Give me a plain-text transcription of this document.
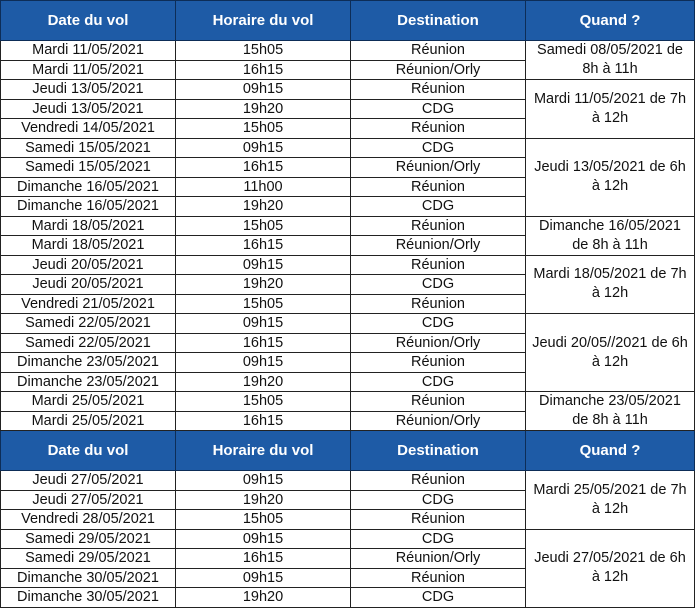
Date du vol	Horaire du vol	Destination	Quand ?
Mardi 11/05/2021	15h05	Réunion	Samedi 08/05/2021 de 8h à 11h
Mardi 11/05/2021	16h15	Réunion/Orly	
Jeudi 13/05/2021	09h15	Réunion	Mardi 11/05/2021 de 7h à 12h
Jeudi 13/05/2021	19h20	CDG	
Vendredi 14/05/2021	15h05	Réunion	
Samedi 15/05/2021	09h15	CDG	Jeudi 13/05/2021 de 6h à 12h
Samedi 15/05/2021	16h15	Réunion/Orly	
Dimanche 16/05/2021	11h00	Réunion	
Dimanche 16/05/2021	19h20	CDG	
Mardi 18/05/2021	15h05	Réunion	Dimanche 16/05/2021 de 8h à 11h
Mardi 18/05/2021	16h15	Réunion/Orly	
Jeudi 20/05/2021	09h15	Réunion	Mardi 18/05/2021 de 7h à 12h
Jeudi 20/05/2021	19h20	CDG	
Vendredi 21/05/2021	15h05	Réunion	
Samedi 22/05/2021	09h15	CDG	Jeudi 20/05//2021 de 6h à 12h
Samedi 22/05/2021	16h15	Réunion/Orly	
Dimanche 23/05/2021	09h15	Réunion	
Dimanche 23/05/2021	19h20	CDG	
Mardi 25/05/2021	15h05	Réunion	Dimanche 23/05/2021 de 8h à 11h
Mardi 25/05/2021	16h15	Réunion/Orly	
Date du vol	Horaire du vol	Destination	Quand ?
Jeudi 27/05/2021	09h15	Réunion	Mardi 25/05/2021 de 7h à 12h
Jeudi 27/05/2021	19h20	CDG	
Vendredi 28/05/2021	15h05	Réunion	
Samedi 29/05/2021	09h15	CDG	Jeudi 27/05/2021 de 6h à 12h
Samedi 29/05/2021	16h15	Réunion/Orly	
Dimanche 30/05/2021	09h15	Réunion	
Dimanche 30/05/2021	19h20	CDG	
